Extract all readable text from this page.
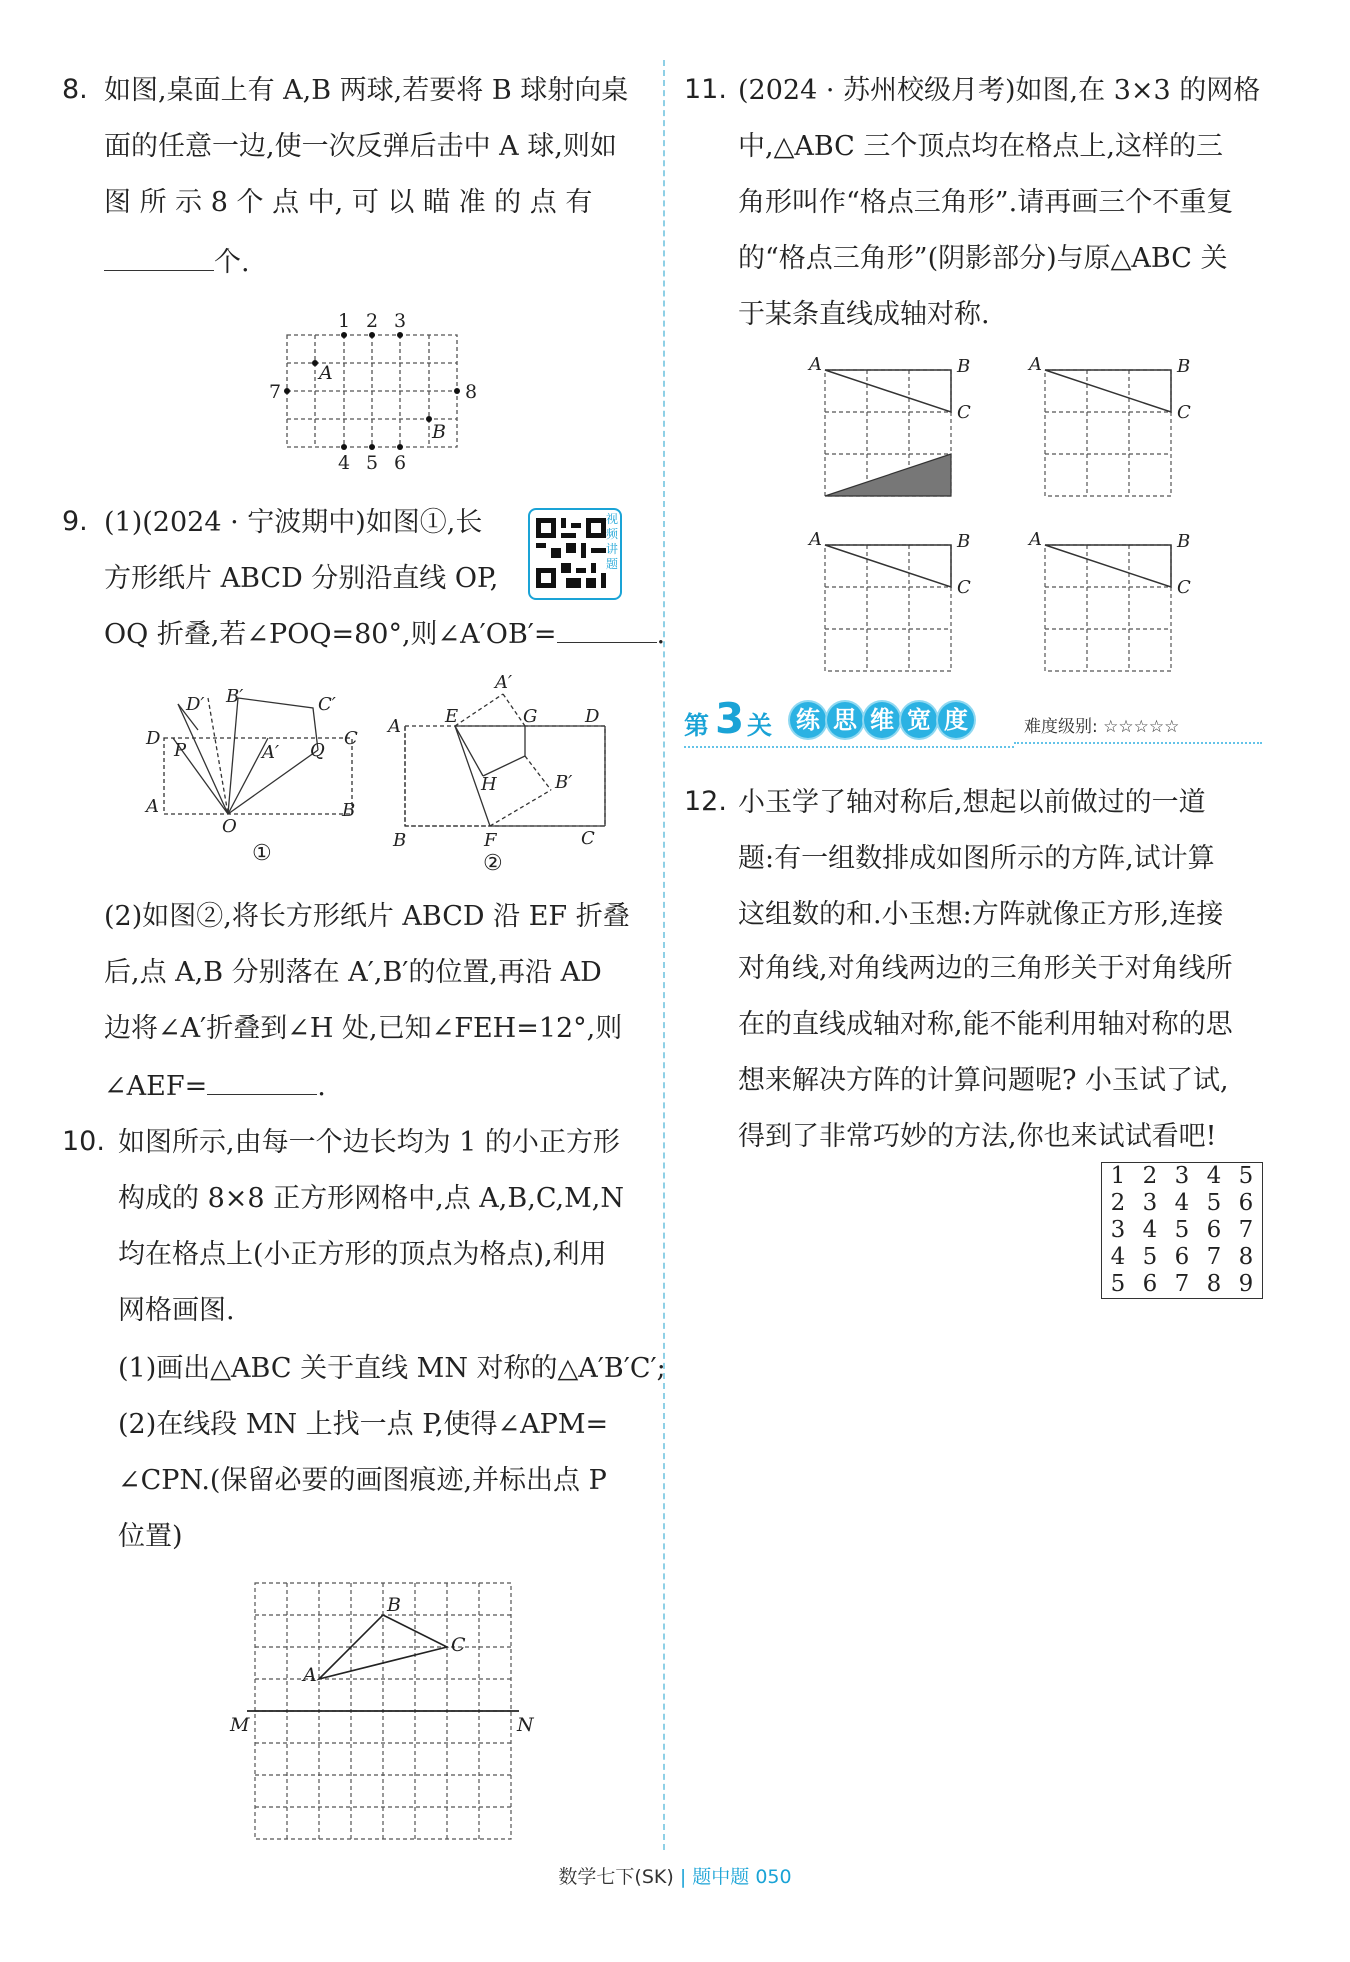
8. 如图,桌面上有 A,B 两球,若要将 B 球射向桌
面的任意一边,使一次反弹后击中 A 球,则如
图 所 示 8 个 点 中, 可 以 瞄 准 的 点 有
个.
1 2 3
A
7	8
B
4 5 6
9. (1)(2024 · 宁波期中)如图①,长
方形纸片 ABCD 分别沿直线 OP,
OQ 折叠,若∠POQ=80°,则∠A′OB′=	.
视频讲题
D′ B′	C′
D
P	A′ Q
C
A
O
B
①
A′
A E	G	D
H	B′
B	F	C
②
(2)如图②,将长方形纸片 ABCD 沿 EF 折叠
后,点 A,B 分别落在 A′,B′的位置,再沿 AD
边将∠A′折叠到∠H 处,已知∠FEH=12°,则
∠AEF=	.
10. 如图所示,由每一个边长均为 1 的小正方形
构成的 8×8 正方形网格中,点 A,B,C,M,N
均在格点上(小正方形的顶点为格点),利用
网格画图.
(1)画出△ABC 关于直线 MN 对称的△A′B′C′;
(2)在线段 MN 上找一点 P,使得∠APM=
∠CPN.(保留必要的画图痕迹,并标出点 P
位置)
B
C
A
M	N
11. (2024 · 苏州校级月考)如图,在 3×3 的网格
中,△ABC 三个顶点均在格点上,这样的三
角形叫作“格点三角形”.请再画三个不重复
的“格点三角形”(阴影部分)与原△ABC 关
于某条直线成轴对称.
A	B
C
A	B
C
A	B
C
A	B
C
第 3 关 练 思 维 宽 度	难度级别: ☆☆☆☆☆
12. 小玉学了轴对称后,想起以前做过的一道
题:有一组数排成如图所示的方阵,试计算
这组数的和.小玉想:方阵就像正方形,连接
对角线,对角线两边的三角形关于对角线所
在的直线成轴对称,能不能利用轴对称的思
想来解决方阵的计算问题呢? 小玉试了试,
得到了非常巧妙的方法,你也来试试看吧!
1	2	3	4	5
2	3	4	5	6
3	4	5	6	7
4	5	6	7	8
5	6	7	8	9
数学七下(SK) | 题中题 050
